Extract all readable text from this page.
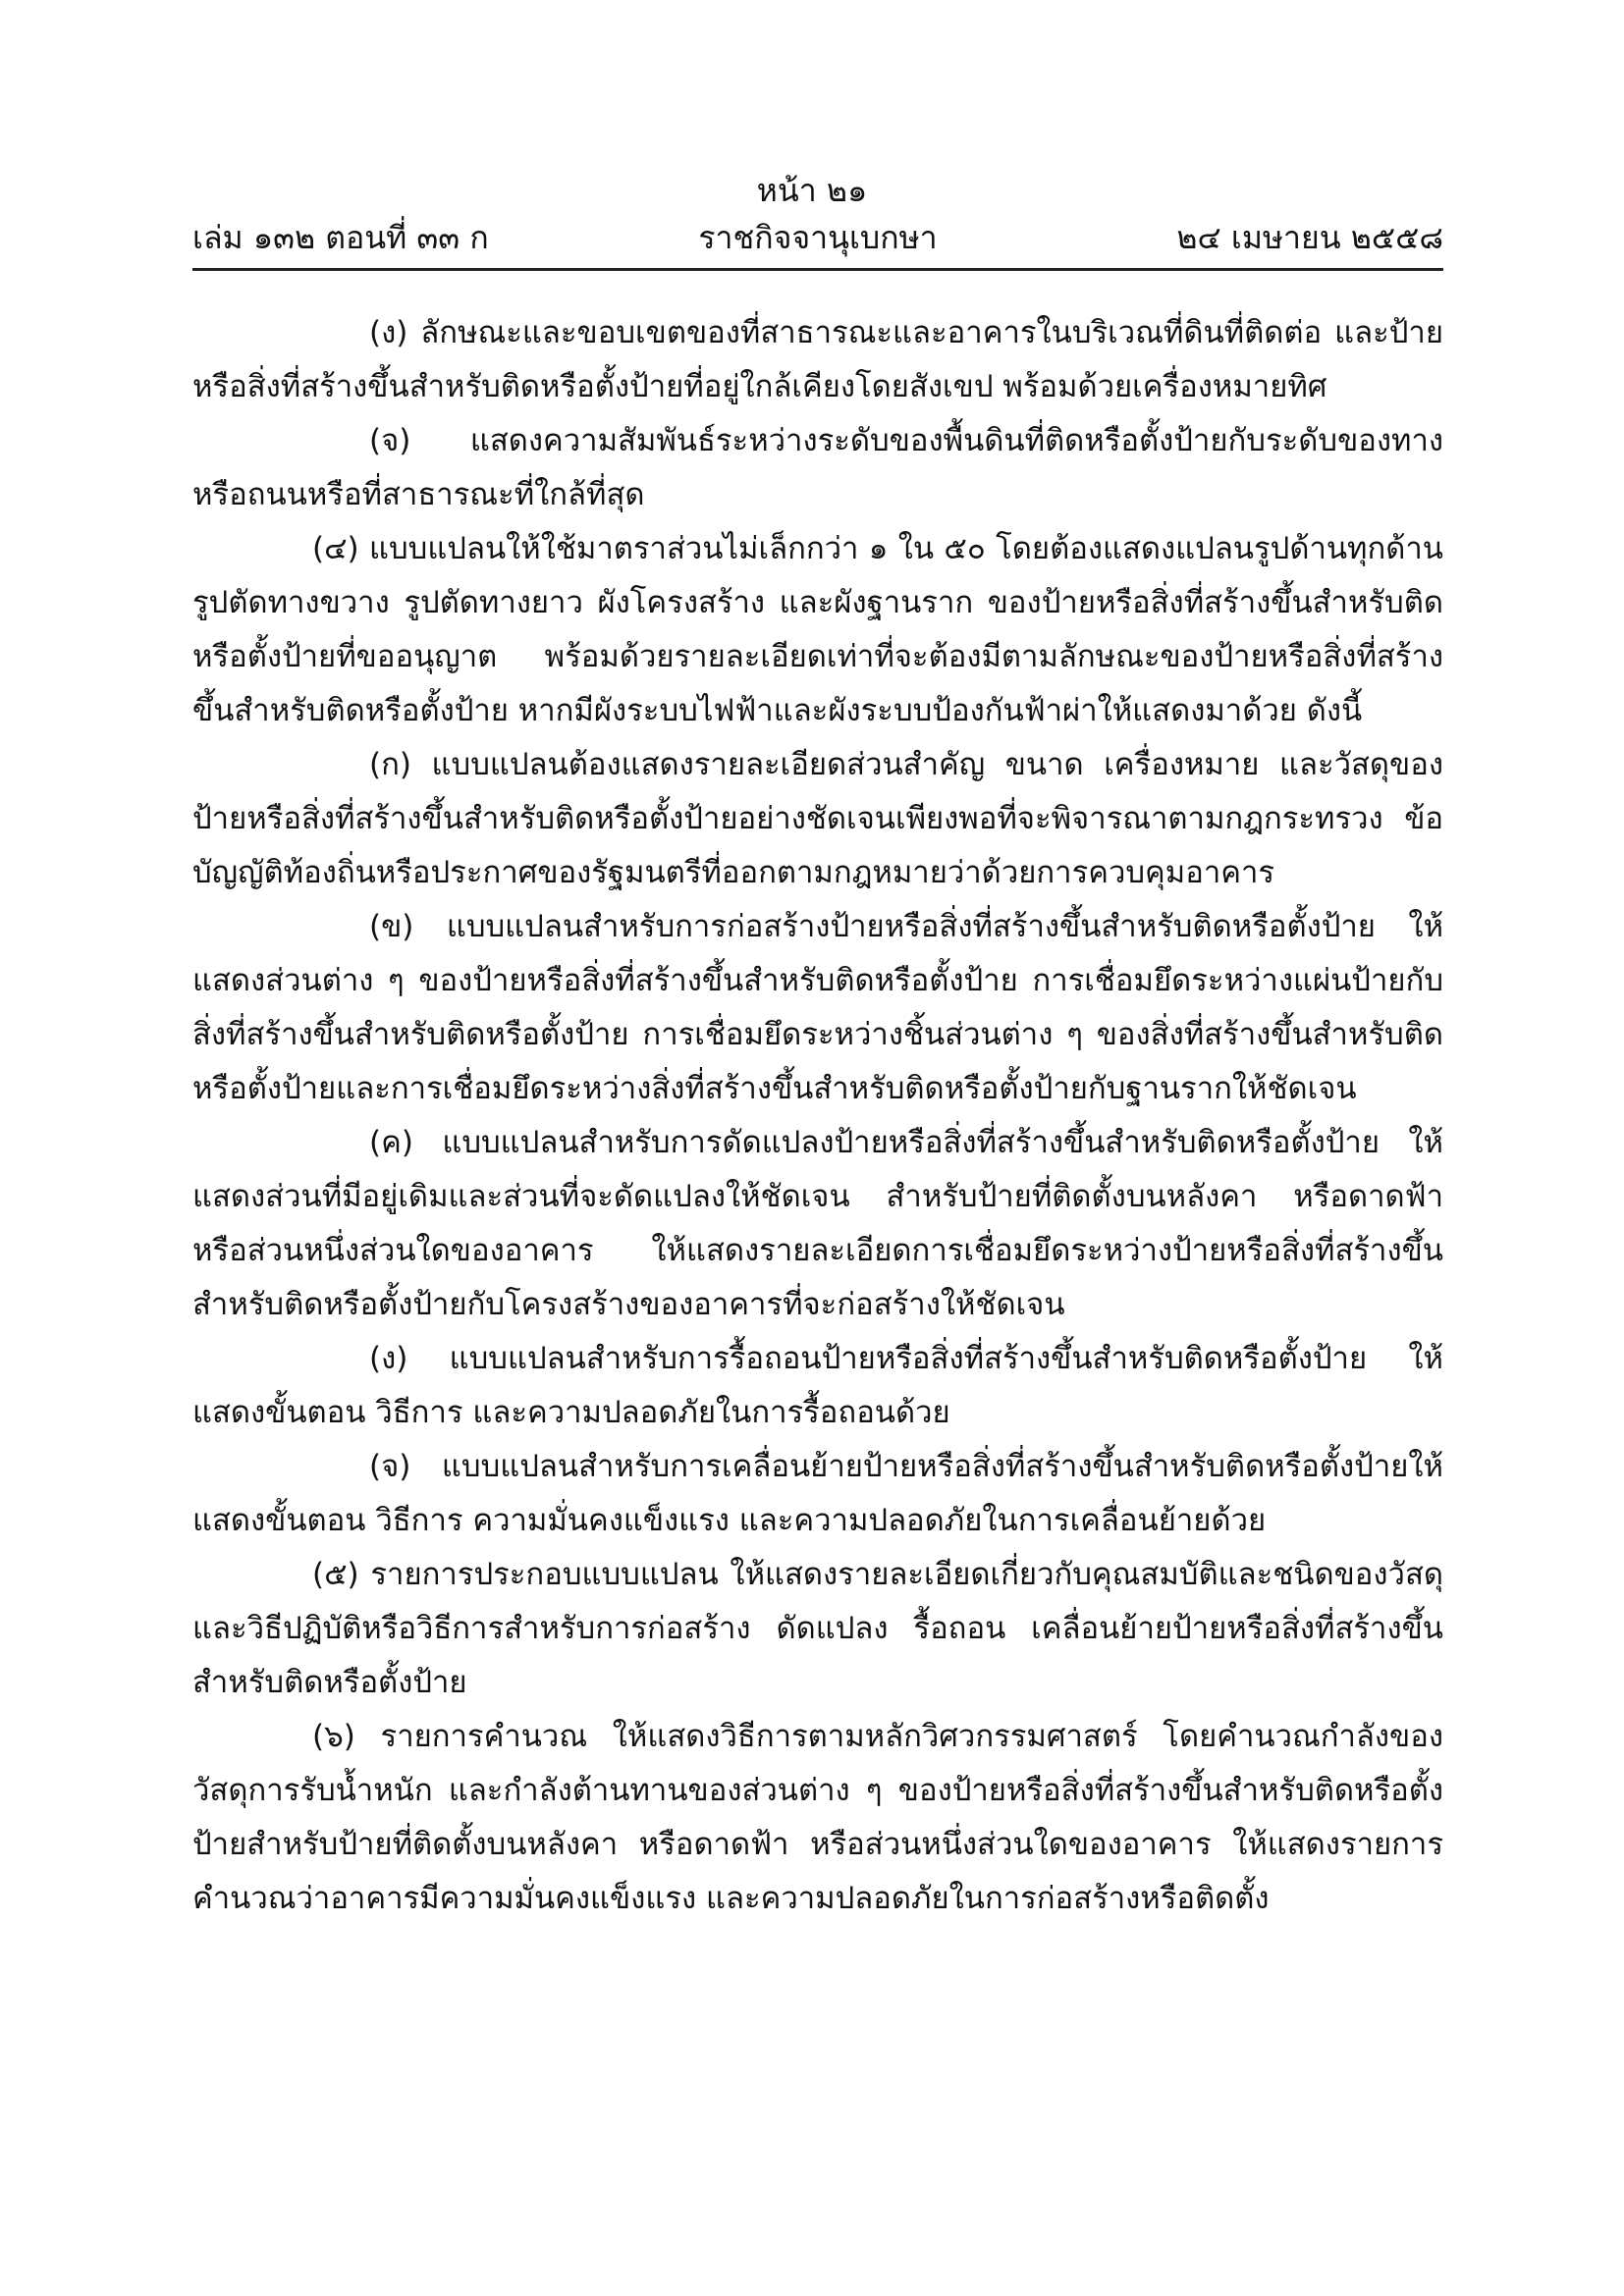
หน้า ๒๑
เล่ม ๑๓๒ ตอนที่ ๓๓ ก	ราชกิจจานุเบกษา	๒๔ เมษายน ๒๕๕๘

(ง) ลักษณะและขอบเขตของที่สาธารณะและอาคารในบริเวณที่ดินที่ติดต่อ และป้ายหรือสิ่งที่สร้างขึ้นสำหรับติดหรือตั้งป้ายที่อยู่ใกล้เคียงโดยสังเขป พร้อมด้วยเครื่องหมายทิศ

(จ) แสดงความสัมพันธ์ระหว่างระดับของพื้นดินที่ติดหรือตั้งป้ายกับระดับของทางหรือถนนหรือที่สาธารณะที่ใกล้ที่สุด

(๔) แบบแปลนให้ใช้มาตราส่วนไม่เล็กกว่า ๑ ใน ๕๐ โดยต้องแสดงแปลนรูปด้านทุกด้าน รูปตัดทางขวาง รูปตัดทางยาว ผังโครงสร้าง และผังฐานราก ของป้ายหรือสิ่งที่สร้างขึ้นสำหรับติดหรือตั้งป้ายที่ขออนุญาต พร้อมด้วยรายละเอียดเท่าที่จะต้องมีตามลักษณะของป้ายหรือสิ่งที่สร้างขึ้นสำหรับติดหรือตั้งป้าย หากมีผังระบบไฟฟ้าและผังระบบป้องกันฟ้าผ่าให้แสดงมาด้วย ดังนี้

(ก) แบบแปลนต้องแสดงรายละเอียดส่วนสำคัญ ขนาด เครื่องหมาย และวัสดุของป้ายหรือสิ่งที่สร้างขึ้นสำหรับติดหรือตั้งป้ายอย่างชัดเจนเพียงพอที่จะพิจารณาตามกฎกระทรวง ข้อบัญญัติท้องถิ่นหรือประกาศของรัฐมนตรีที่ออกตามกฎหมายว่าด้วยการควบคุมอาคาร

(ข) แบบแปลนสำหรับการก่อสร้างป้ายหรือสิ่งที่สร้างขึ้นสำหรับติดหรือตั้งป้าย ให้แสดงส่วนต่าง ๆ ของป้ายหรือสิ่งที่สร้างขึ้นสำหรับติดหรือตั้งป้าย การเชื่อมยึดระหว่างแผ่นป้ายกับสิ่งที่สร้างขึ้นสำหรับติดหรือตั้งป้าย การเชื่อมยึดระหว่างชิ้นส่วนต่าง ๆ ของสิ่งที่สร้างขึ้นสำหรับติดหรือตั้งป้ายและการเชื่อมยึดระหว่างสิ่งที่สร้างขึ้นสำหรับติดหรือตั้งป้ายกับฐานรากให้ชัดเจน

(ค) แบบแปลนสำหรับการดัดแปลงป้ายหรือสิ่งที่สร้างขึ้นสำหรับติดหรือตั้งป้าย ให้แสดงส่วนที่มีอยู่เดิมและส่วนที่จะดัดแปลงให้ชัดเจน สำหรับป้ายที่ติดตั้งบนหลังคา หรือดาดฟ้า หรือส่วนหนึ่งส่วนใดของอาคาร ให้แสดงรายละเอียดการเชื่อมยึดระหว่างป้ายหรือสิ่งที่สร้างขึ้นสำหรับติดหรือตั้งป้ายกับโครงสร้างของอาคารที่จะก่อสร้างให้ชัดเจน

(ง) แบบแปลนสำหรับการรื้อถอนป้ายหรือสิ่งที่สร้างขึ้นสำหรับติดหรือตั้งป้าย ให้แสดงขั้นตอน วิธีการ และความปลอดภัยในการรื้อถอนด้วย

(จ) แบบแปลนสำหรับการเคลื่อนย้ายป้ายหรือสิ่งที่สร้างขึ้นสำหรับติดหรือตั้งป้ายให้แสดงขั้นตอน วิธีการ ความมั่นคงแข็งแรง และความปลอดภัยในการเคลื่อนย้ายด้วย

(๕) รายการประกอบแบบแปลน ให้แสดงรายละเอียดเกี่ยวกับคุณสมบัติและชนิดของวัสดุและวิธีปฏิบัติหรือวิธีการสำหรับการก่อสร้าง ดัดแปลง รื้อถอน เคลื่อนย้ายป้ายหรือสิ่งที่สร้างขึ้นสำหรับติดหรือตั้งป้าย

(๖) รายการคำนวณ ให้แสดงวิธีการตามหลักวิศวกรรมศาสตร์ โดยคำนวณกำลังของวัสดุการรับน้ำหนัก และกำลังต้านทานของส่วนต่าง ๆ ของป้ายหรือสิ่งที่สร้างขึ้นสำหรับติดหรือตั้งป้ายสำหรับป้ายที่ติดตั้งบนหลังคา หรือดาดฟ้า หรือส่วนหนึ่งส่วนใดของอาคาร ให้แสดงรายการคำนวณว่าอาคารมีความมั่นคงแข็งแรง และความปลอดภัยในการก่อสร้างหรือติดตั้ง
